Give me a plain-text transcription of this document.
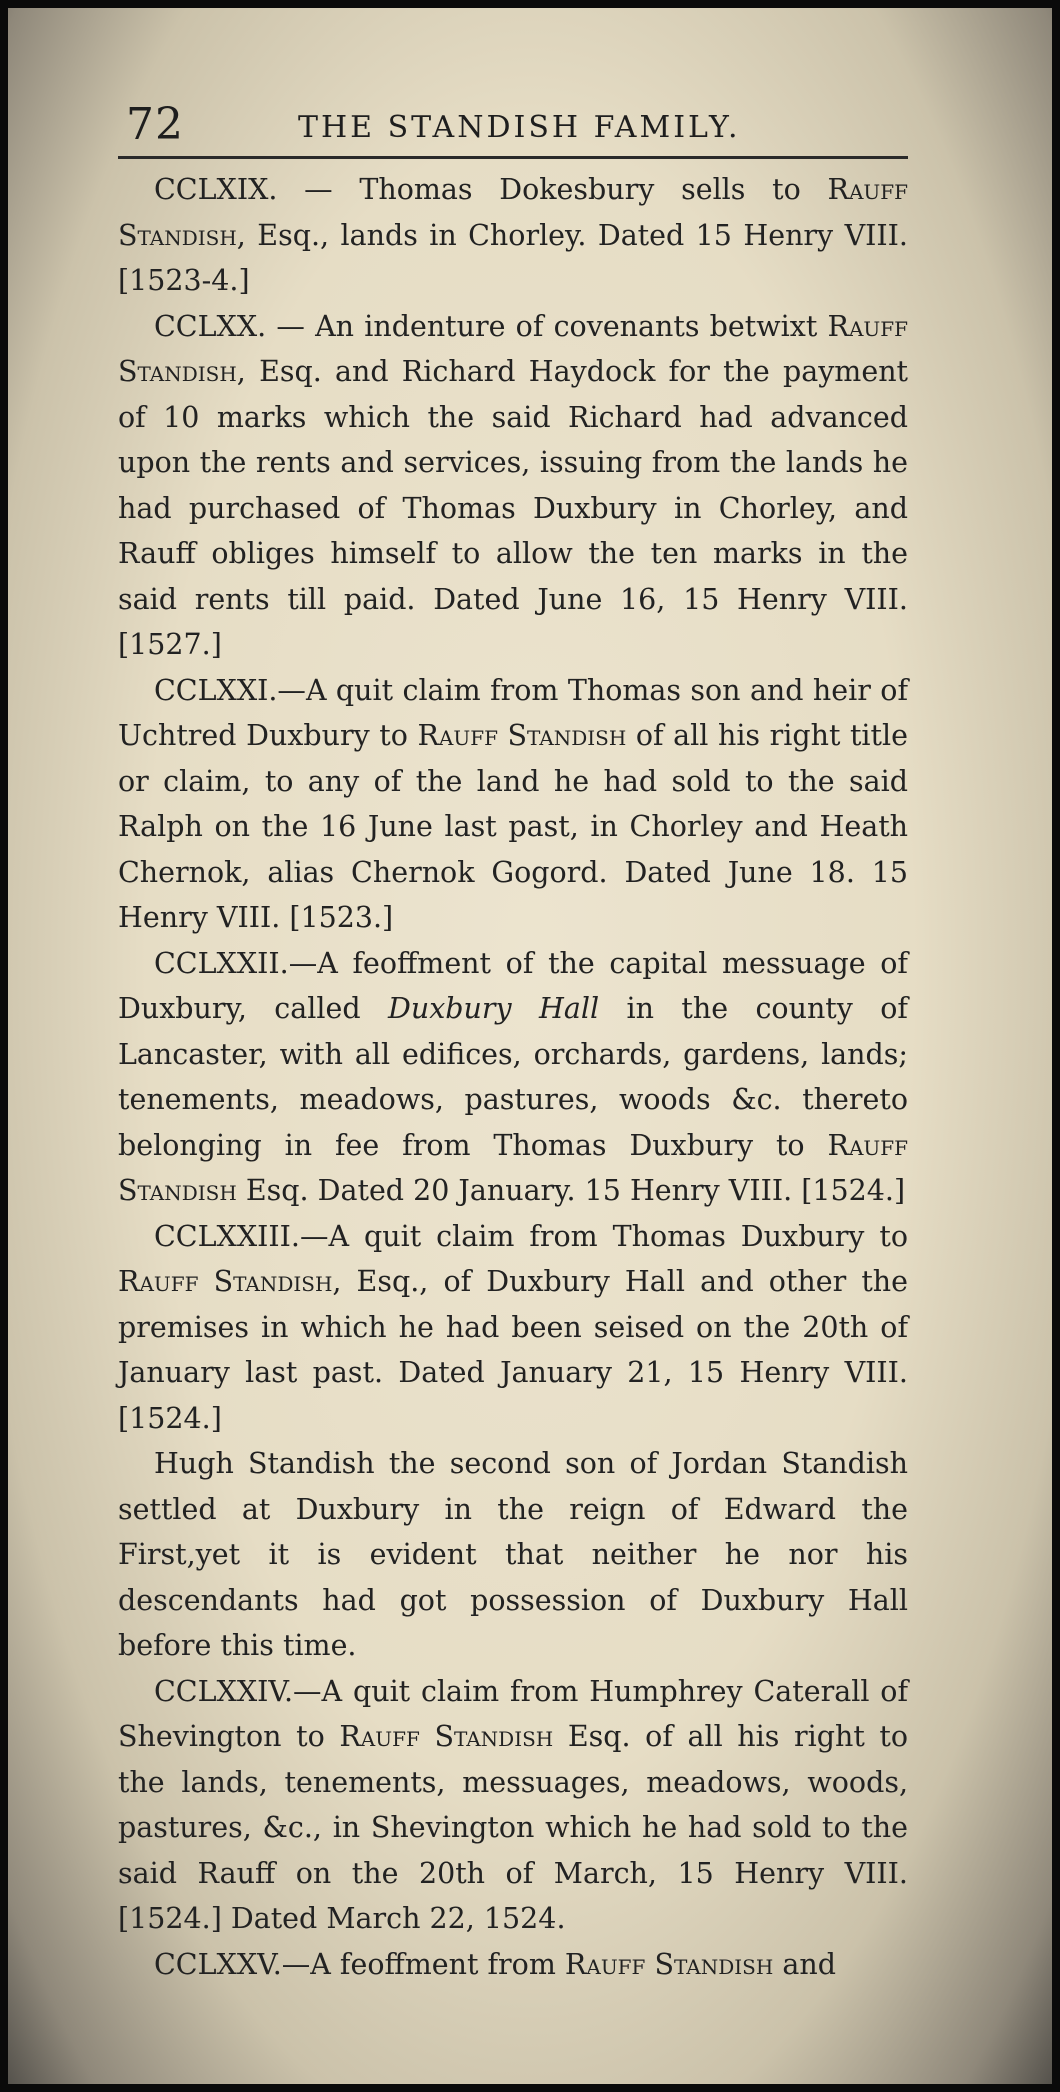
72	THE STANDISH FAMILY.

CCLXIX. — Thomas Dokesbury sells to Rauff Standish, Esq., lands in Chorley. Dated 15 Henry VIII. [1523-4.]

CCLXX. — An indenture of covenants betwixt Rauff Standish, Esq. and Richard Haydock for the payment of 10 marks which the said Richard had advanced upon the rents and services, issuing from the lands he had purchased of Thomas Duxbury in Chorley, and Rauff obliges himself to allow the ten marks in the said rents till paid. Dated June 16, 15 Henry VIII. [1527.]

CCLXXI.—A quit claim from Thomas son and heir of Uchtred Duxbury to Rauff Standish of all his right title or claim, to any of the land he had sold to the said Ralph on the 16 June last past, in Chorley and Heath Chernok, alias Chernok Gogord. Dated June 18. 15 Henry VIII. [1523.]

CCLXXII.—A feoffment of the capital messuage of Duxbury, called Duxbury Hall in the county of Lancaster, with all edifices, orchards, gardens, lands; tenements, meadows, pastures, woods &c. thereto belonging in fee from Thomas Duxbury to Rauff Standish Esq. Dated 20 January. 15 Henry VIII. [1524.]

CCLXXIII.—A quit claim from Thomas Duxbury to Rauff Standish, Esq., of Duxbury Hall and other the premises in which he had been seised on the 20th of January last past. Dated January 21, 15 Henry VIII. [1524.]

Hugh Standish the second son of Jordan Standish settled at Duxbury in the reign of Edward the First,yet it is evident that neither he nor his descendants had got possession of Duxbury Hall before this time.

CCLXXIV.—A quit claim from Humphrey Caterall of Shevington to Rauff Standish Esq. of all his right to the lands, tenements, messuages, meadows, woods, pastures, &c., in Shevington which he had sold to the said Rauff on the 20th of March, 15 Henry VIII. [1524.] Dated March 22, 1524.

CCLXXV.—A feoffment from Rauff Standish and
